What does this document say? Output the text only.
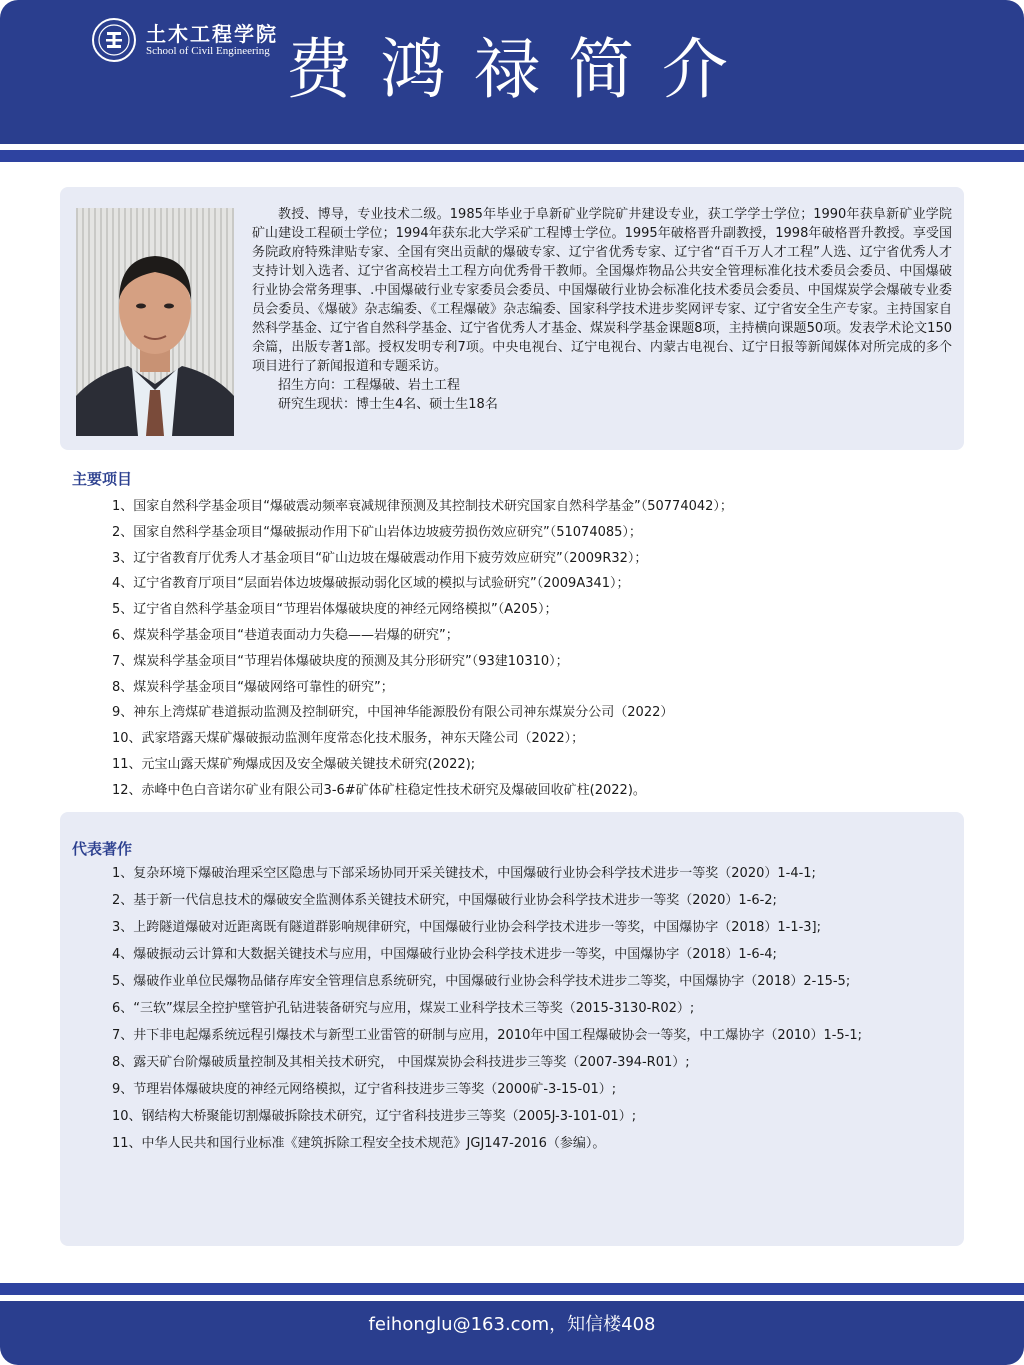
土木工程学院
School of Civil Engineering 费鸿禄简介

教授、博导，专业技术二级。1985年毕业于阜新矿业学院矿井建设专业，获工学学士学位；1990年获阜新矿业学院矿山建设工程硕士学位；1994年获东北大学采矿工程博士学位。1995年破格晋升副教授，1998年破格晋升教授。享受国务院政府特殊津贴专家、全国有突出贡献的爆破专家、辽宁省优秀专家、辽宁省“百千万人才工程”人选、辽宁省优秀人才支持计划入选者、辽宁省高校岩土工程方向优秀骨干教师。全国爆炸物品公共安全管理标准化技术委员会委员、中国爆破行业协会常务理事、.中国爆破行业专家委员会委员、中国爆破行业协会标准化技术委员会委员、中国煤炭学会爆破专业委员会委员、《爆破》杂志编委、《工程爆破》杂志编委、国家科学技术进步奖网评专家、辽宁省安全生产专家。主持国家自然科学基金、辽宁省自然科学基金、辽宁省优秀人才基金、煤炭科学基金课题8项，主持横向课题50项。发表学术论文150余篇，出版专著1部。授权发明专利7项。中央电视台、辽宁电视台、内蒙古电视台、辽宁日报等新闻媒体对所完成的多个项目进行了新闻报道和专题采访。

招生方向：工程爆破、岩土工程

研究生现状：博士生4名、硕士生18名

主要项目
1、国家自然科学基金项目“爆破震动频率衰减规律预测及其控制技术研究国家自然科学基金”（50774042）；
2、国家自然科学基金项目“爆破振动作用下矿山岩体边坡疲劳损伤效应研究”（51074085）；
3、辽宁省教育厅优秀人才基金项目“矿山边坡在爆破震动作用下疲劳效应研究”（2009R32）；
4、辽宁省教育厅项目“层面岩体边坡爆破振动弱化区域的模拟与试验研究”（2009A341）；
5、辽宁省自然科学基金项目“节理岩体爆破块度的神经元网络模拟”（A205）；
6、煤炭科学基金项目“巷道表面动力失稳——岩爆的研究”；
7、煤炭科学基金项目“节理岩体爆破块度的预测及其分形研究”（93建10310）；
8、煤炭科学基金项目“爆破网络可靠性的研究”；
9、神东上湾煤矿巷道振动监测及控制研究，中国神华能源股份有限公司神东煤炭分公司（2022）
10、武家塔露天煤矿爆破振动监测年度常态化技术服务，神东天隆公司（2022）；
11、元宝山露天煤矿殉爆成因及安全爆破关键技术研究(2022);
12、赤峰中色白音诺尔矿业有限公司3-6#矿体矿柱稳定性技术研究及爆破回收矿柱(2022)。
代表著作
1、复杂环境下爆破治理采空区隐患与下部采场协同开采关键技术，中国爆破行业协会科学技术进步一等奖（2020）1-4-1;
2、基于新一代信息技术的爆破安全监测体系关键技术研究，中国爆破行业协会科学技术进步一等奖（2020）1-6-2;
3、上跨隧道爆破对近距离既有隧道群影响规律研究，中国爆破行业协会科学技术进步一等奖，中国爆协字（2018）1-1-3];
4、爆破振动云计算和大数据关键技术与应用，中国爆破行业协会科学技术进步一等奖，中国爆协字（2018）1-6-4;
5、爆破作业单位民爆物品储存库安全管理信息系统研究，中国爆破行业协会科学技术进步二等奖，中国爆协字（2018）2-15-5;
6、“三软”煤层全控护壁管护孔钻进装备研究与应用，煤炭工业科学技术三等奖（2015-3130-R02）;
7、井下非电起爆系统远程引爆技术与新型工业雷管的研制与应用，2010年中国工程爆破协会一等奖，中工爆协字（2010）1-5-1;
8、露天矿台阶爆破质量控制及其相关技术研究， 中国煤炭协会科技进步三等奖（2007-394-R01）;
9、节理岩体爆破块度的神经元网络模拟，辽宁省科技进步三等奖（2000矿-3-15-01）;
10、钢结构大桥聚能切割爆破拆除技术研究，辽宁省科技进步三等奖（2005J-3-101-01）;
11、中华人民共和国行业标准《建筑拆除工程安全技术规范》JGJ147-2016（参编）。
feihonglu@163.com，知信楼408
